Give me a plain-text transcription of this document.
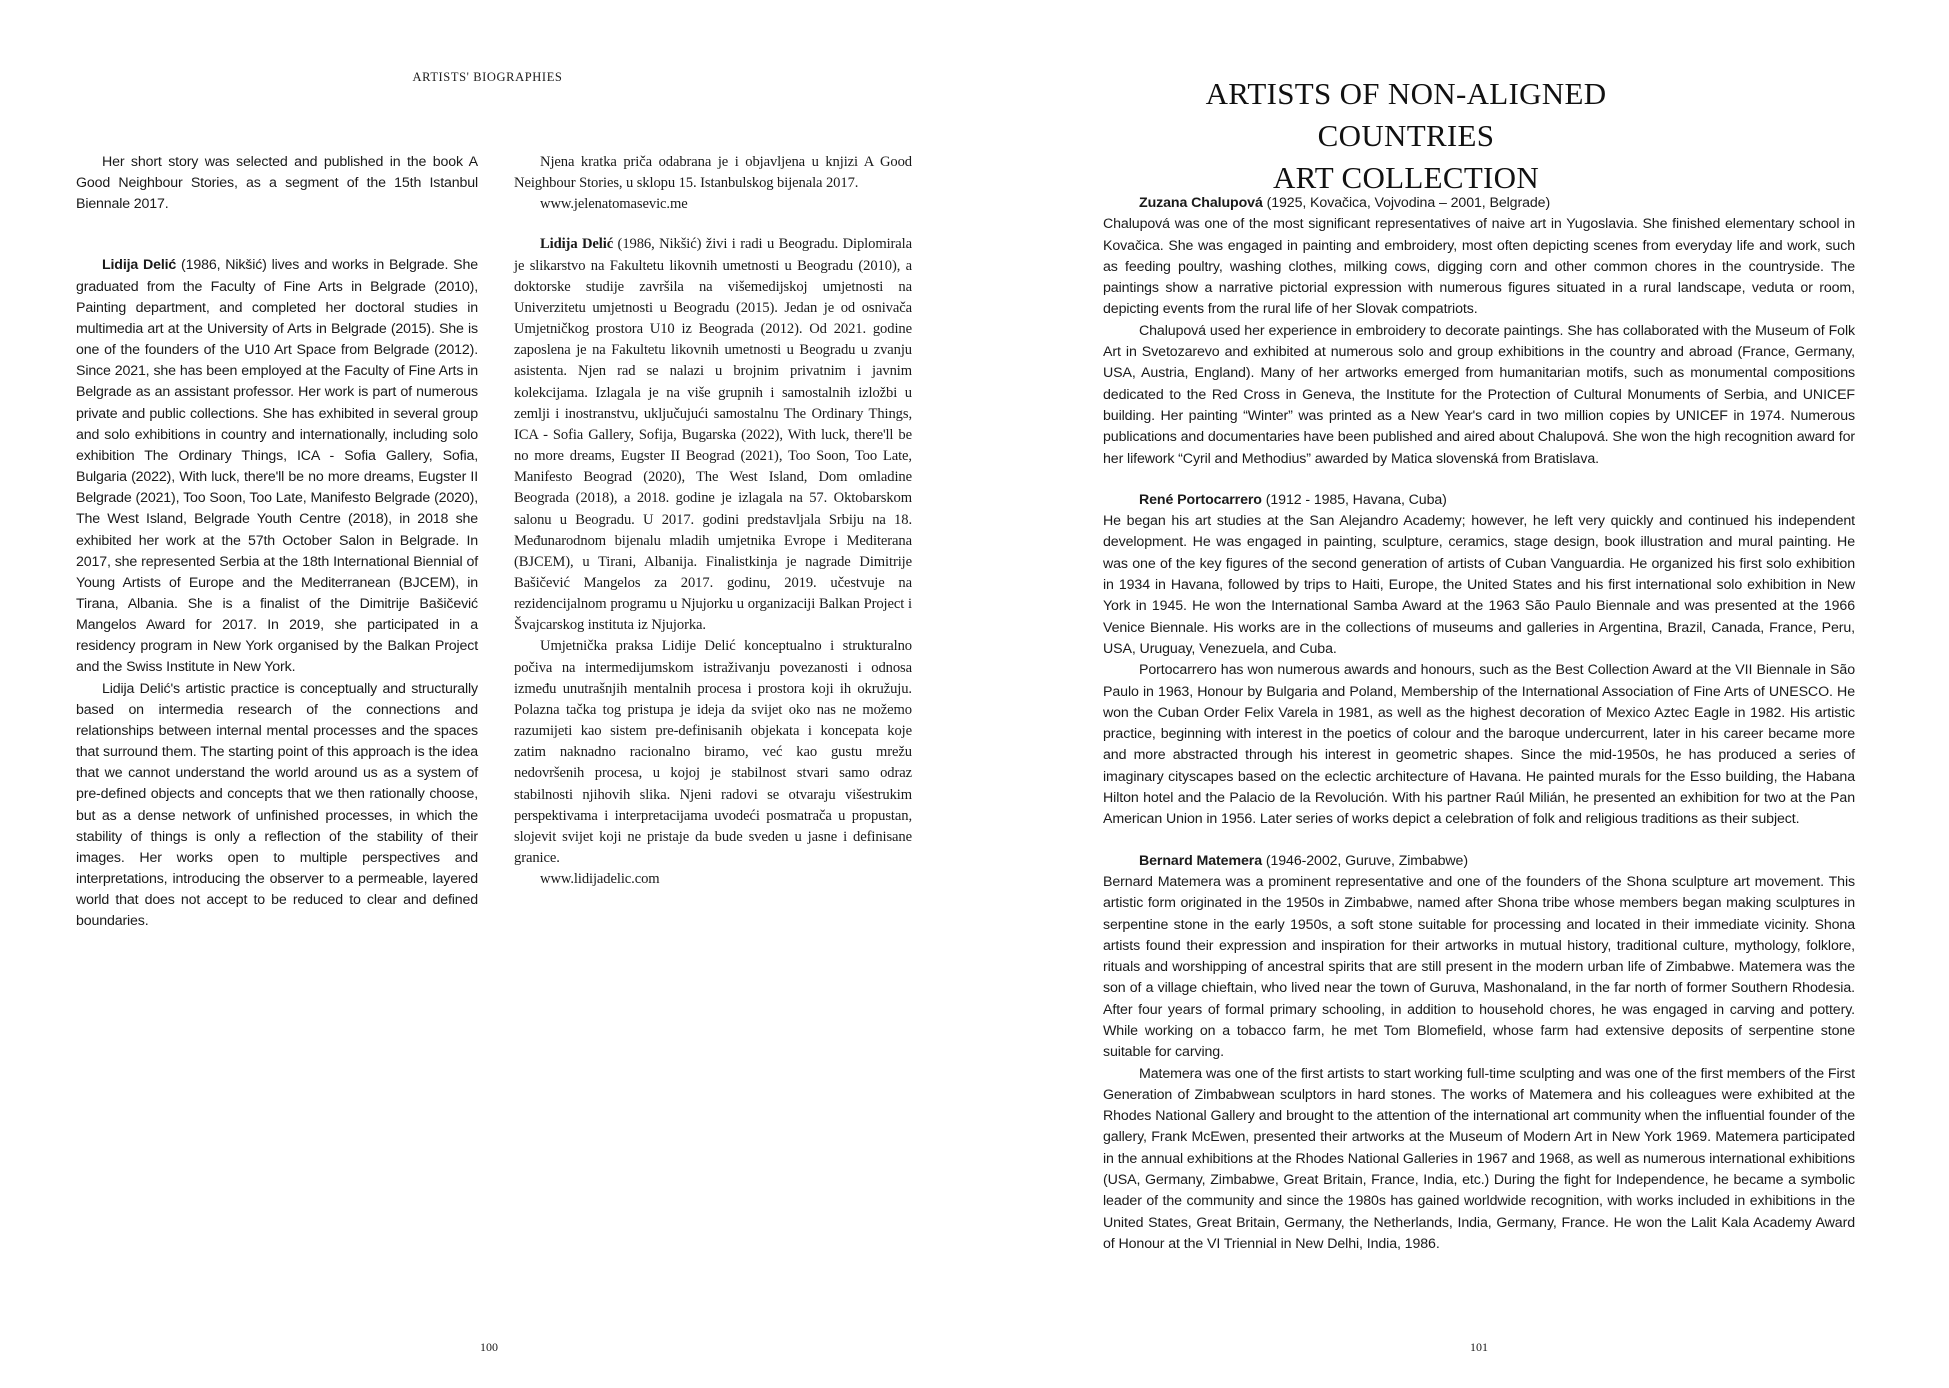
ARTISTS' BIOGRAPHIES

Her short story was selected and published in the book A Good Neighbour Stories, as a segment of the 15th Istanbul Biennale 2017.

Lidija Delić (1986, Nikšić) lives and works in Belgrade. She graduated from the Faculty of Fine Arts in Belgrade (2010), Painting department, and completed her doctoral studies in multimedia art at the University of Arts in Belgrade (2015). She is one of the founders of the U10 Art Space from Belgrade (2012). Since 2021, she has been employed at the Faculty of Fine Arts in Belgrade as an assistant professor. Her work is part of numerous private and public collections. She has exhibited in several group and solo exhibitions in country and internationally, including solo exhibition The Ordinary Things, ICA - Sofia Gallery, Sofia, Bulgaria (2022), With luck, there'll be no more dreams, Eugster II Belgrade (2021), Too Soon, Too Late, Manifesto Belgrade (2020), The West Island, Belgrade Youth Centre (2018), in 2018 she exhibited her work at the 57th October Salon in Belgrade. In 2017, she represented Serbia at the 18th International Biennial of Young Artists of Europe and the Mediterranean (BJCEM), in Tirana, Albania. She is a finalist of the Dimitrije Bašičević Mangelos Award for 2017. In 2019, she participated in a residency program in New York organised by the Balkan Project and the Swiss Institute in New York.

Lidija Delić's artistic practice is conceptually and structurally based on intermedia research of the connections and relationships between internal mental processes and the spaces that surround them. The starting point of this approach is the idea that we cannot understand the world around us as a system of pre-defined objects and concepts that we then rationally choose, but as a dense network of unfinished processes, in which the stability of things is only a reflection of the stability of their images. Her works open to multiple perspectives and interpretations, introducing the observer to a permeable, layered world that does not accept to be reduced to clear and defined boundaries.

Njena kratka priča odabrana je i objavljena u knjizi A Good Neighbour Stories, u sklopu 15. Istanbulskog bijenala 2017.

www.jelenatomasevic.me

Lidija Delić (1986, Nikšić) živi i radi u Beogradu. Diplomirala je slikarstvo na Fakultetu likovnih umetnosti u Beogradu (2010), a doktorske studije završila na višemedijskoj umjetnosti na Univerzitetu umjetnosti u Beogradu (2015). Jedan je od osnivača Umjetničkog prostora U10 iz Beograda (2012). Od 2021. godine zaposlena je na Fakultetu likovnih umetnosti u Beogradu u zvanju asistenta. Njen rad se nalazi u brojnim privatnim i javnim kolekcijama. Izlagala je na više grupnih i samostalnih izložbi u zemlji i inostranstvu, uključujući samostalnu The Ordinary Things, ICA - Sofia Gallery, Sofija, Bugarska (2022), With luck, there'll be no more dreams, Eugster II Beograd (2021), Too Soon, Too Late, Manifesto Beograd (2020), The West Island, Dom omladine Beograda (2018), a 2018. godine je izlagala na 57. Oktobarskom salonu u Beogradu. U 2017. godini predstavljala Srbiju na 18. Međunarodnom bijenalu mladih umjetnika Evrope i Mediterana (BJCEM), u Tirani, Albanija. Finalistkinja je nagrade Dimitrije Bašičević Mangelos za 2017. godinu, 2019. učestvuje na rezidencijalnom programu u Njujorku u organizaciji Balkan Project i Švajcarskog instituta iz Njujorka.

Umjetnička praksa Lidije Delić konceptualno i strukturalno počiva na intermedijumskom istraživanju povezanosti i odnosa između unutrašnjih mentalnih procesa i prostora koji ih okružuju. Polazna tačka tog pristupa je ideja da svijet oko nas ne možemo razumijeti kao sistem pre-definisanih objekata i koncepata koje zatim naknadno racionalno biramo, već kao gustu mrežu nedovršenih procesa, u kojoj je stabilnost stvari samo odraz stabilnosti njihovih slika. Njeni radovi se otvaraju višestrukim perspektivama i interpretacijama uvodeći posmatrača u propustan, slojevit svijet koji ne pristaje da bude sveden u jasne i definisane granice.

www.lidijadelic.com

100
ARTISTS OF NON-ALIGNED COUNTRIES
ART COLLECTION

Zuzana Chalupová (1925, Kovačica, Vojvodina – 2001, Belgrade)

Chalupová was one of the most significant representatives of naive art in Yugoslavia. She finished elementary school in Kovačica. She was engaged in painting and embroidery, most often depicting scenes from everyday life and work, such as feeding poultry, washing clothes, milking cows, digging corn and other common chores in the countryside. The paintings show a narrative pictorial expression with numerous figures situated in a rural landscape, veduta or room, depicting events from the rural life of her Slovak compatriots.

Chalupová used her experience in embroidery to decorate paintings. She has collaborated with the Museum of Folk Art in Svetozarevo and exhibited at numerous solo and group exhibitions in the country and abroad (France, Germany, USA, Austria, England). Many of her artworks emerged from humanitarian motifs, such as monumental compositions dedicated to the Red Cross in Geneva, the Institute for the Protection of Cultural Monuments of Serbia, and UNICEF building. Her painting “Winter” was printed as a New Year's card in two million copies by UNICEF in 1974. Numerous publications and documentaries have been published and aired about Chalupová. She won the high recognition award for her lifework “Cyril and Methodius” awarded by Matica slovenská from Bratislava.

René Portocarrero (1912 - 1985, Havana, Cuba)

He began his art studies at the San Alejandro Academy; however, he left very quickly and continued his independent development. He was engaged in painting, sculpture, ceramics, stage design, book illustration and mural painting. He was one of the key figures of the second generation of artists of Cuban Vanguardia. He organized his first solo exhibition in 1934 in Havana, followed by trips to Haiti, Europe, the United States and his first international solo exhibition in New York in 1945. He won the International Samba Award at the 1963 São Paulo Biennale and was presented at the 1966 Venice Biennale. His works are in the collections of museums and galleries in Argentina, Brazil, Canada, France, Peru, USA, Uruguay, Venezuela, and Cuba.

Portocarrero has won numerous awards and honours, such as the Best Collection Award at the VII Biennale in São Paulo in 1963, Honour by Bulgaria and Poland, Membership of the International Association of Fine Arts of UNESCO. He won the Cuban Order Felix Varela in 1981, as well as the highest decoration of Mexico Aztec Eagle in 1982. His artistic practice, beginning with interest in the poetics of colour and the baroque undercurrent, later in his career became more and more abstracted through his interest in geometric shapes. Since the mid-1950s, he has produced a series of imaginary cityscapes based on the eclectic architecture of Havana. He painted murals for the Esso building, the Habana Hilton hotel and the Palacio de la Revolución. With his partner Raúl Milián, he presented an exhibition for two at the Pan American Union in 1956. Later series of works depict a celebration of folk and religious traditions as their subject.

Bernard Matemera (1946-2002, Guruve, Zimbabwe)

Bernard Matemera was a prominent representative and one of the founders of the Shona sculpture art movement. This artistic form originated in the 1950s in Zimbabwe, named after Shona tribe whose members began making sculptures in serpentine stone in the early 1950s, a soft stone suitable for processing and located in their immediate vicinity. Shona artists found their expression and inspiration for their artworks in mutual history, traditional culture, mythology, folklore, rituals and worshipping of ancestral spirits that are still present in the modern urban life of Zimbabwe. Matemera was the son of a village chieftain, who lived near the town of Guruva, Mashonaland, in the far north of former Southern Rhodesia. After four years of formal primary schooling, in addition to household chores, he was engaged in carving and pottery. While working on a tobacco farm, he met Tom Blomefield, whose farm had extensive deposits of serpentine stone suitable for carving.

Matemera was one of the first artists to start working full-time sculpting and was one of the first members of the First Generation of Zimbabwean sculptors in hard stones. The works of Matemera and his colleagues were exhibited at the Rhodes National Gallery and brought to the attention of the international art community when the influential founder of the gallery, Frank McEwen, presented their artworks at the Museum of Modern Art in New York 1969. Matemera participated in the annual exhibitions at the Rhodes National Galleries in 1967 and 1968, as well as numerous international exhibitions (USA, Germany, Zimbabwe, Great Britain, France, India, etc.) During the fight for Independence, he became a symbolic leader of the community and since the 1980s has gained worldwide recognition, with works included in exhibitions in the United States, Great Britain, Germany, the Netherlands, India, Germany, France. He won the Lalit Kala Academy Award of Honour at the VI Triennial in New Delhi, India, 1986.

101
